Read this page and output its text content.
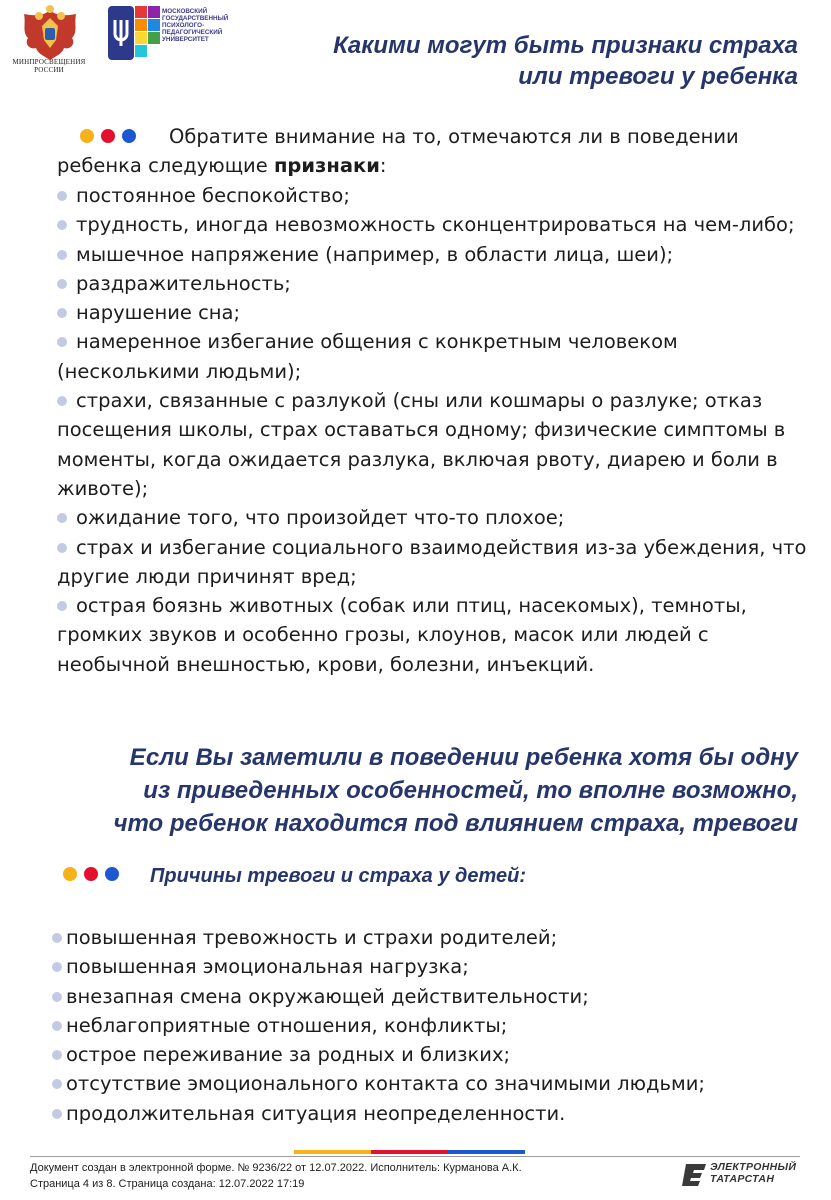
МИНПРОСВЕЩЕНИЯ РОССИИ
МОСКОВСКИЙ
ГОСУДАРСТВЕННЫЙ
ПСИХОЛОГО-
ПЕДАГОГИЧЕСКИЙ
УНИВЕРСИТЕТ	Какими могут быть признаки страха
или тревоги у ребенка
Обратите внимание на то, отмечаются ли в поведении ребенка следующие признаки:
постоянное беспокойство;
трудность, иногда невозможность сконцентрироваться на чем-либо;
мышечное напряжение (например, в области лица, шеи);
раздражительность;
нарушение сна;
намеренное избегание общения с конкретным человеком (несколькими людьми);
страхи, связанные с разлукой (сны или кошмары о разлуке; отказ посещения школы, страх оставаться одному; физические симптомы в моменты, когда ожидается разлука, включая рвоту, диарею и боли в животе);
ожидание того, что произойдет что-то плохое;
страх и избегание социального взаимодействия из-за убеждения, что другие люди причинят вред;
острая боязнь животных (собак или птиц, насекомых), темноты, громких звуков и особенно грозы, клоунов, масок или людей с необычной внешностью, крови, болезни, инъекций.
Если Вы заметили в поведении ребенка хотя бы одну
из приведенных особенностей, то вполне возможно,
что ребенок находится под влиянием страха, тревоги
Причины тревоги и страха у детей:
повышенная тревожность и страхи родителей;
повышенная эмоциональная нагрузка;
внезапная смена окружающей действительности;
неблагоприятные отношения, конфликты;
острое переживание за родных и близких;
отсутствие эмоционального контакта со значимыми людьми;
продолжительная ситуация неопределенности.
Документ создан в электронной форме. № 9236/22 от 12.07.2022. Исполнитель: Курманова А.К.
Страница 4 из 8. Страница создана: 12.07.2022 17:19
ЭЛЕКТРОННЫЙ
ТАТАРСТАН
